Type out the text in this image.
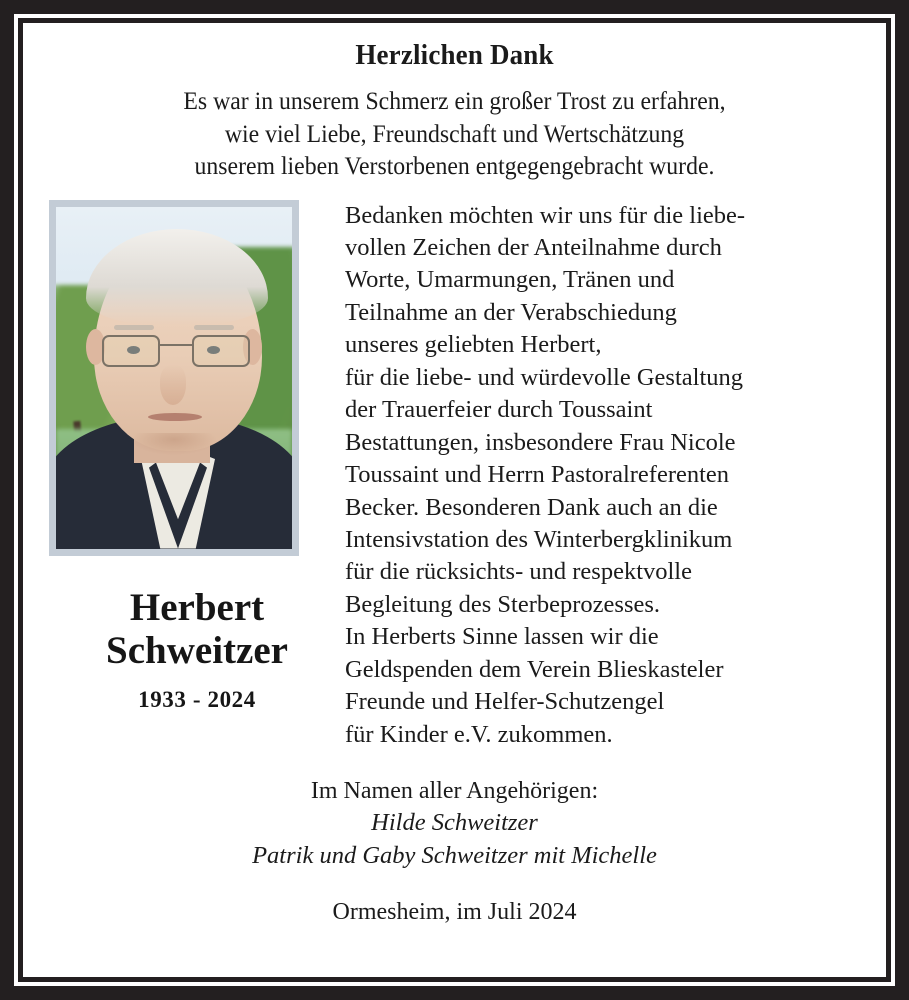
Herzlichen Dank
Es war in unserem Schmerz ein großer Trost zu erfahren,
wie viel Liebe, Freundschaft und Wertschätzung
unserem lieben Verstorbenen entgegengebracht wurde.
Herbert
Schweitzer
1933 - 2024
Bedanken möchten wir uns für die liebe-
vollen Zeichen der Anteilnahme durch
Worte, Umarmungen, Tränen und
Teilnahme an der Verabschiedung
unseres geliebten Herbert,
für die liebe- und würdevolle Gestaltung
der Trauerfeier durch Toussaint
Bestattungen, insbesondere Frau Nicole
Toussaint und Herrn Pastoralreferenten
Becker. Besonderen Dank auch an die
Intensivstation des Winterbergklinikum
für die rücksichts- und respektvolle
Begleitung des Sterbeprozesses.
In Herberts Sinne lassen wir die
Geldspenden dem Verein Blieskasteler
Freunde und Helfer-Schutzengel
für Kinder e.V. zukommen.
Im Namen aller Angehörigen:
Hilde Schweitzer
Patrik und Gaby Schweitzer mit Michelle
Ormesheim, im Juli 2024
